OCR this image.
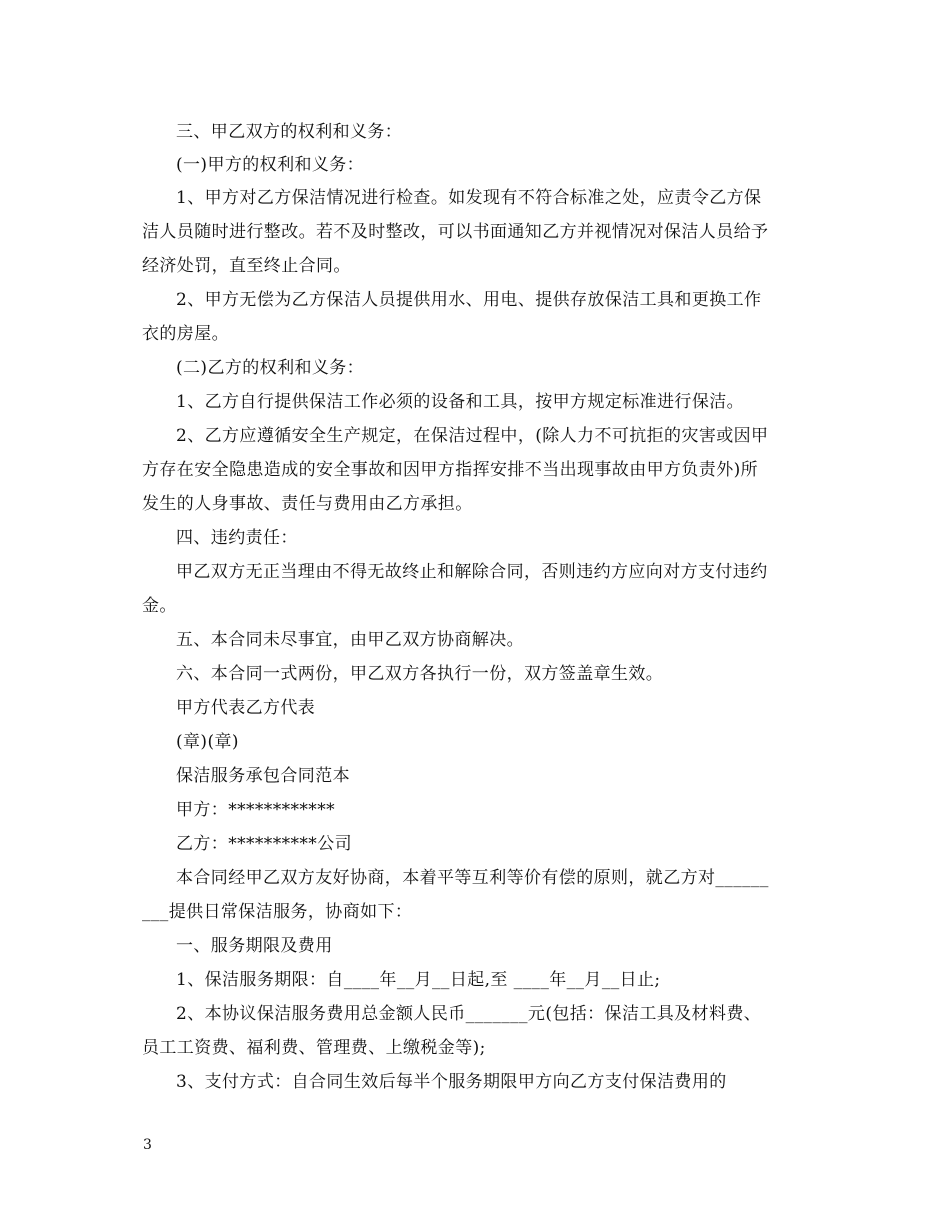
三、甲乙双方的权利和义务：
(一)甲方的权利和义务：
1、甲方对乙方保洁情况进行检查。如发现有不符合标准之处，应责令乙方保
洁人员随时进行整改。若不及时整改，可以书面通知乙方并视情况对保洁人员给予
经济处罚，直至终止合同。
2、甲方无偿为乙方保洁人员提供用水、用电、提供存放保洁工具和更换工作
衣的房屋。
(二)乙方的权利和义务：
1、乙方自行提供保洁工作必须的设备和工具，按甲方规定标准进行保洁。
2、乙方应遵循安全生产规定，在保洁过程中，(除人力不可抗拒的灾害或因甲
方存在安全隐患造成的安全事故和因甲方指挥安排不当出现事故由甲方负责外)所
发生的人身事故、责任与费用由乙方承担。
四、违约责任：
甲乙双方无正当理由不得无故终止和解除合同，否则违约方应向对方支付违约
金。
五、本合同未尽事宜，由甲乙双方协商解决。
六、本合同一式两份，甲乙双方各执行一份，双方签盖章生效。
甲方代表乙方代表
(章)(章)
保洁服务承包合同范本
甲方：************
乙方：**********公司
本合同经甲乙双方友好协商，本着平等互利等价有偿的原则，就乙方对______
___提供日常保洁服务，协商如下：
一、服务期限及费用
1、保洁服务期限：自____年__月__日起,至 ____年__月__日止;
2、本协议保洁服务费用总金额人民币_______元(包括：保洁工具及材料费、
员工工资费、福利费、管理费、上缴税金等);
3、支付方式：自合同生效后每半个服务期限甲方向乙方支付保洁费用的
3
